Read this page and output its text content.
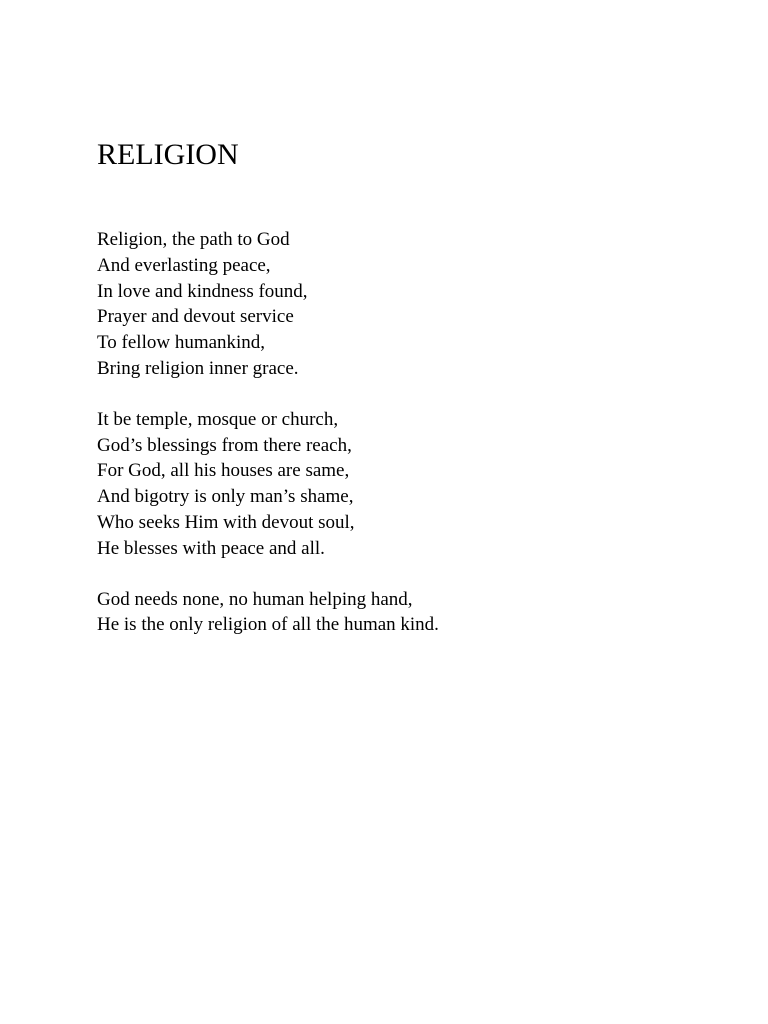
RELIGION

Religion, the path to God
And everlasting peace,
In love and kindness found,
Prayer and devout service
To fellow humankind,
Bring religion inner grace.

It be temple, mosque or church,
God’s blessings from there reach,
For God, all his houses are same,
And bigotry is only man’s shame,
Who seeks Him with devout soul,
He blesses with peace and all.

God needs none, no human helping hand,
He is the only religion of all the human kind.
